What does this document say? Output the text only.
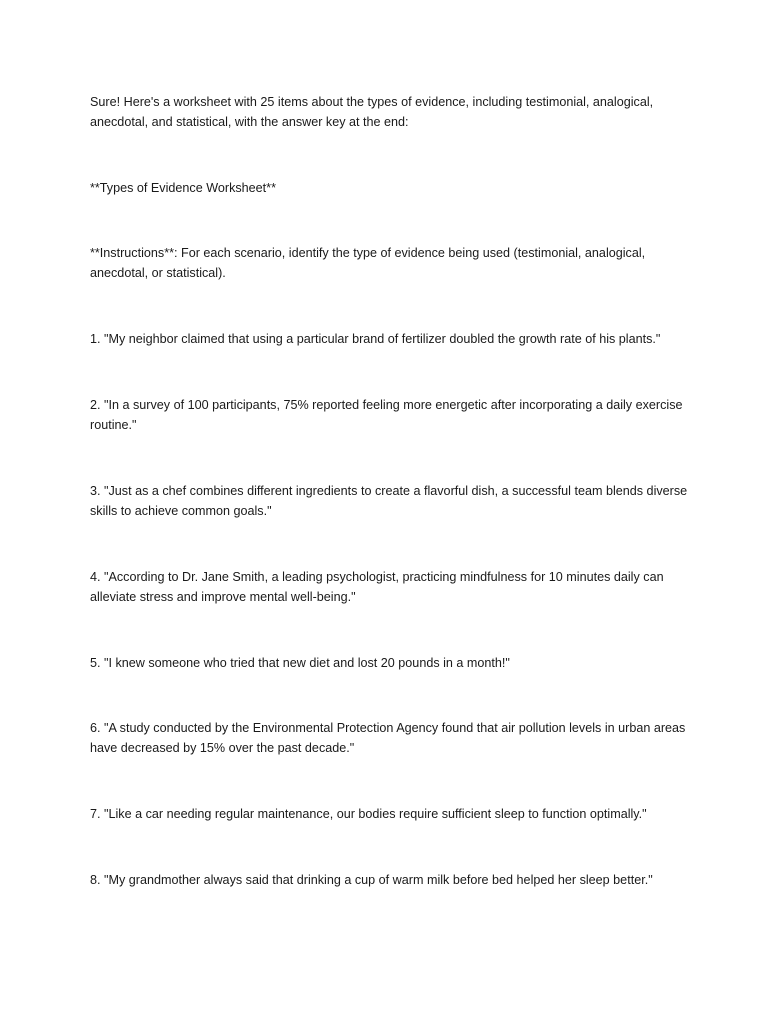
Sure! Here's a worksheet with 25 items about the types of evidence, including testimonial, analogical, anecdotal, and statistical, with the answer key at the end:

**Types of Evidence Worksheet**

**Instructions**: For each scenario, identify the type of evidence being used (testimonial, analogical, anecdotal, or statistical).

1. "My neighbor claimed that using a particular brand of fertilizer doubled the growth rate of his plants."

2. "In a survey of 100 participants, 75% reported feeling more energetic after incorporating a daily exercise routine."

3. "Just as a chef combines different ingredients to create a flavorful dish, a successful team blends diverse skills to achieve common goals."

4. "According to Dr. Jane Smith, a leading psychologist, practicing mindfulness for 10 minutes daily can alleviate stress and improve mental well-being."

5. "I knew someone who tried that new diet and lost 20 pounds in a month!"

6. "A study conducted by the Environmental Protection Agency found that air pollution levels in urban areas have decreased by 15% over the past decade."

7. "Like a car needing regular maintenance, our bodies require sufficient sleep to function optimally."

8. "My grandmother always said that drinking a cup of warm milk before bed helped her sleep better."
